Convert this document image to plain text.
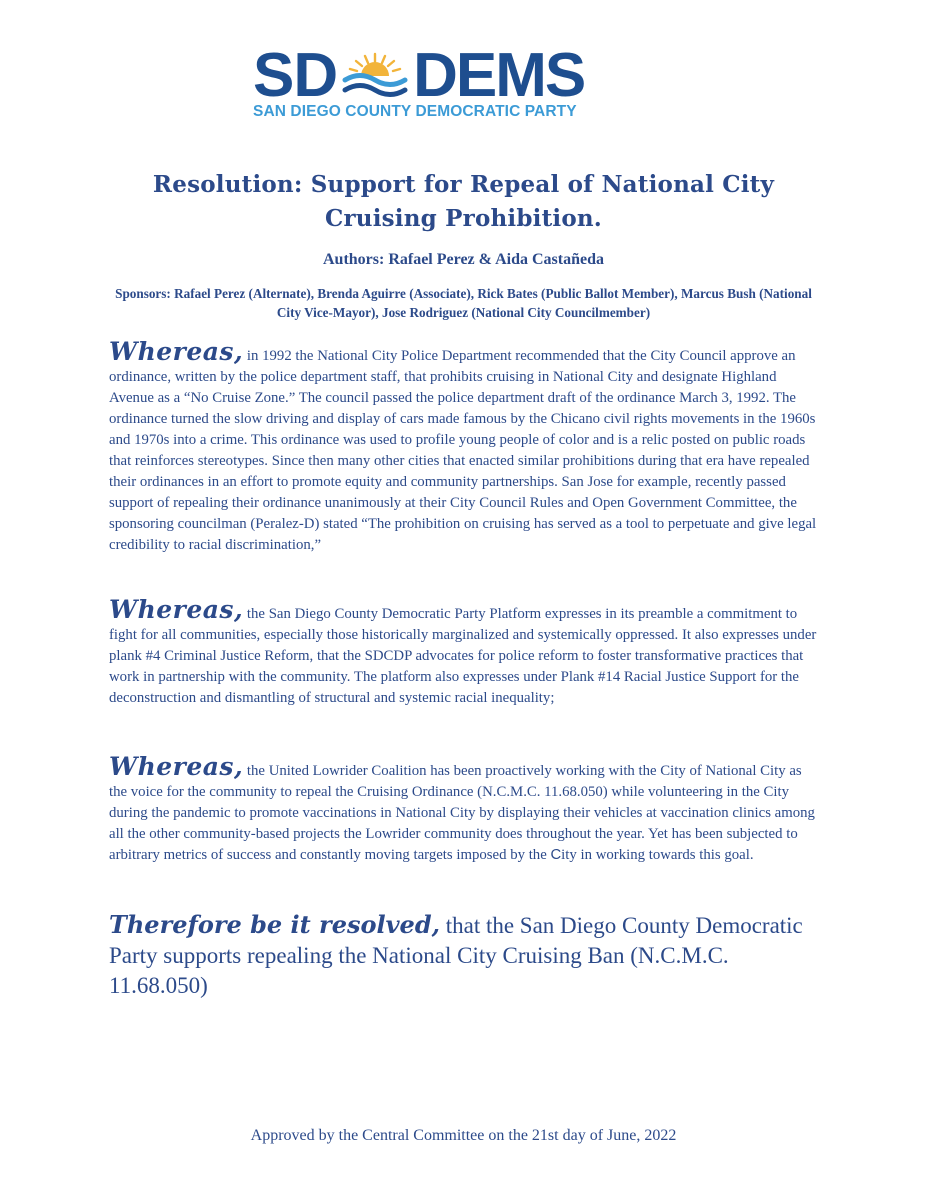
SD DEMS
SAN DIEGO COUNTY DEMOCRATIC PARTY
Resolution: Support for Repeal of National City Cruising Prohibition.
Authors: Rafael Perez & Aida Castañeda
Sponsors: Rafael Perez (Alternate), Brenda Aguirre (Associate), Rick Bates (Public Ballot Member), Marcus Bush (National City Vice-Mayor), Jose Rodriguez (National City Councilmember)
Whereas, in 1992 the National City Police Department recommended that the City Council approve an ordinance, written by the police department staff, that prohibits cruising in National City and designate Highland Avenue as a “No Cruise Zone.” The council passed the police department draft of the ordinance March 3, 1992. The ordinance turned the slow driving and display of cars made famous by the Chicano civil rights movements in the 1960s and 1970s into a crime. This ordinance was used to profile young people of color and is a relic posted on public roads that reinforces stereotypes. Since then many other cities that enacted similar prohibitions during that era have repealed their ordinances in an effort to promote equity and community partnerships. San Jose for example, recently passed support of repealing their ordinance unanimously at their City Council Rules and Open Government Committee, the sponsoring councilman (Peralez-D) stated “The prohibition on cruising has served as a tool to perpetuate and give legal credibility to racial discrimination,”
Whereas, the San Diego County Democratic Party Platform expresses in its preamble a commitment to fight for all communities, especially those historically marginalized and systemically oppressed. It also expresses under plank #4 Criminal Justice Reform, that the SDCDP advocates for police reform to foster transformative practices that work in partnership with the community. The platform also expresses under Plank #14 Racial Justice Support for the deconstruction and dismantling of structural and systemic racial inequality;
Whereas, the United Lowrider Coalition has been proactively working with the City of National City as the voice for the community to repeal the Cruising Ordinance (N.C.M.C. 11.68.050) while volunteering in the City during the pandemic to promote vaccinations in National City by displaying their vehicles at vaccination clinics among all the other community-based projects the Lowrider community does throughout the year. Yet has been subjected to arbitrary metrics of success and constantly moving targets imposed by the City in working towards this goal.
Therefore be it resolved, that the San Diego County Democratic Party supports repealing the National City Cruising Ban (N.C.M.C. 11.68.050)
Approved by the Central Committee on the 21st day of June, 2022
